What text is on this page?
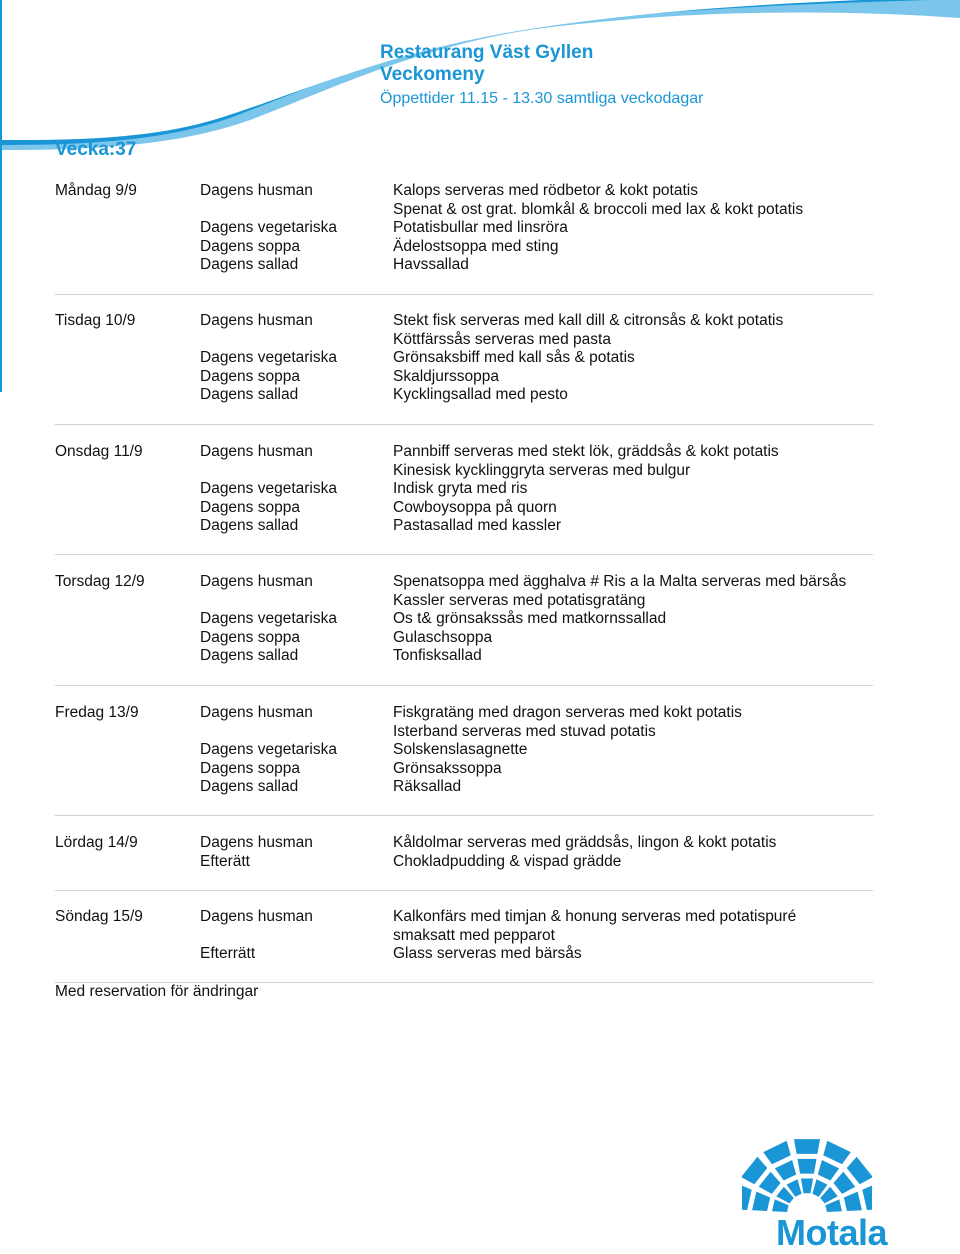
Restaurang Väst Gyllen
Veckomeny
Öppettider 11.15 - 13.30 samtliga veckodagar
Vecka:37
Måndag 9/9	Dagens husman	Kalops serveras med rödbetor & kokt potatis
Spenat & ost grat. blomkål & broccoli med lax & kokt potatis
Dagens vegetariska	Potatisbullar med linsröra
Dagens soppa	Ädelostsoppa med sting
Dagens sallad	Havssallad
Tisdag 10/9	Dagens husman	Stekt fisk serveras med kall dill & citronsås & kokt potatis
Köttfärssås serveras med pasta
Dagens vegetariska	Grönsaksbiff med kall sås & potatis
Dagens soppa	Skaldjurssoppa
Dagens sallad	Kycklingsallad med pesto
Onsdag 11/9	Dagens husman	Pannbiff serveras med stekt lök, gräddsås & kokt potatis
Kinesisk kycklinggryta serveras med bulgur
Dagens vegetariska	Indisk gryta med ris
Dagens soppa	Cowboysoppa på quorn
Dagens sallad	Pastasallad med kassler
Torsdag 12/9	Dagens husman	Spenatsoppa med ägghalva # Ris a la Malta serveras med bärsås
Kassler serveras med potatisgratäng
Dagens vegetariska	Os t& grönsakssås med matkornssallad
Dagens soppa	Gulaschsoppa
Dagens sallad	Tonfisksallad
Fredag 13/9	Dagens husman	Fiskgratäng med dragon serveras med kokt potatis
Isterband serveras med stuvad potatis
Dagens vegetariska	Solskenslasagnette
Dagens soppa	Grönsakssoppa
Dagens sallad	Räksallad
Lördag 14/9	Dagens husman	Kåldolmar serveras med gräddsås, lingon & kokt potatis
Efterätt	Chokladpudding & vispad grädde
Söndag 15/9	Dagens husman	Kalkonfärs med timjan & honung serveras med potatispuré
smaksatt med pepparot
Efterrätt	Glass serveras med bärsås
Med reservation för ändringar
Motala
